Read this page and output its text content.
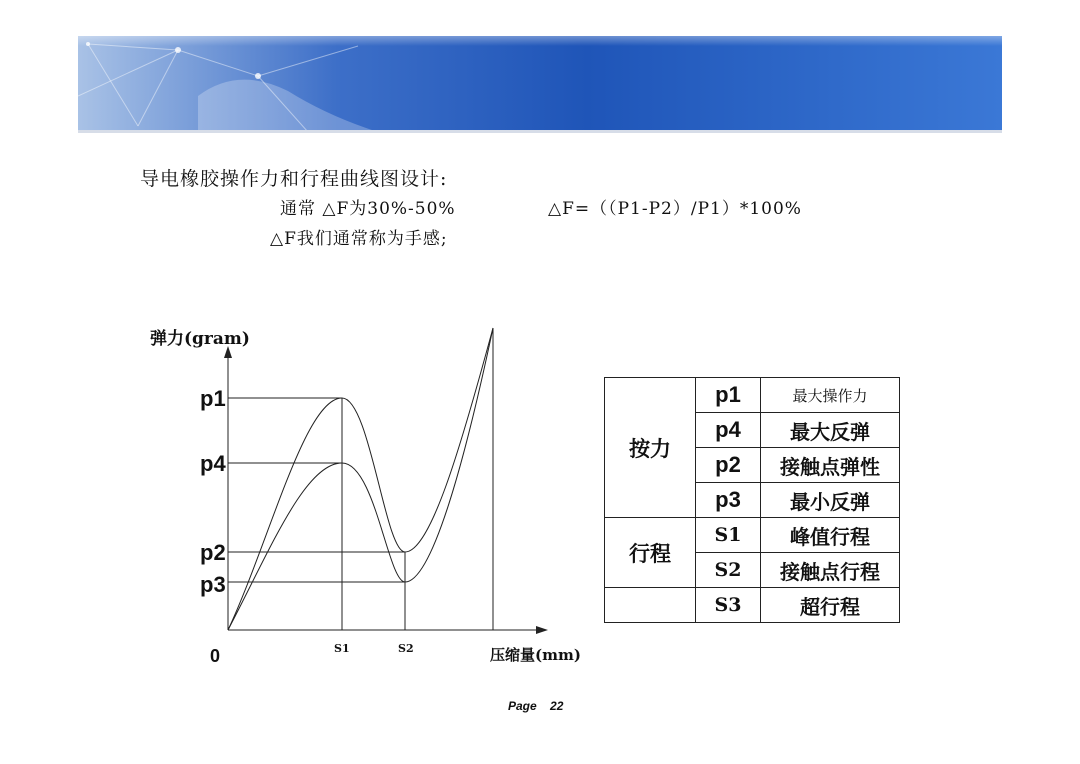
导电橡胶操作力和行程曲线图设计:
通常 △F为30%-50%	△F=（（P1-P2）/P1）*100%
△F我们通常称为手感;
p1
p4
p2
p3
0	S1	S2
弹力(gram)
压缩量(mm)
按力	p1	最大操作力
	p4	最大反弹
	p2	接触点弹性
	p3	最小反弹
行程	S1	峰值行程
	S2	接触点行程
	S3	超行程
Page 22
